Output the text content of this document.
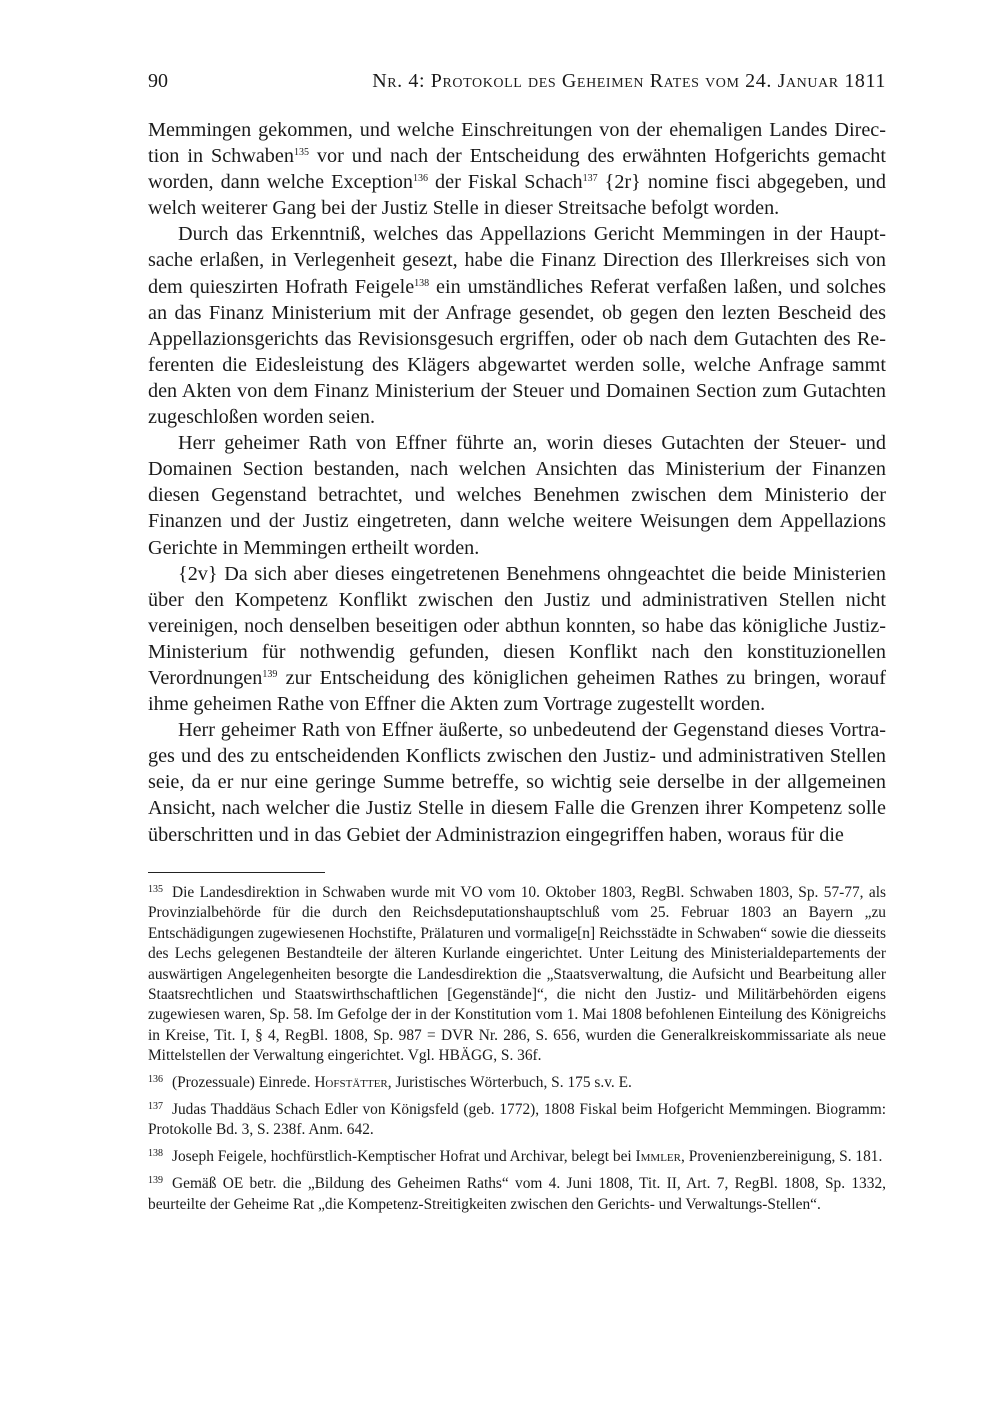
90	Nr. 4: Protokoll des Geheimen Rates vom 24. Januar 1811

Memmingen gekommen, und welche Einschreitungen von der ehemaligen Landes Direction in Schwaben$^{135}$ vor und nach der Entscheidung des erwähnten Hofgerichts gemacht worden, dann welche Exception$^{136}$ der Fiskal Schach$^{137}$ {2r} nomine fisci abgegeben, und welch weiterer Gang bei der Justiz Stelle in dieser Streitsache befolgt worden.

Durch das Erkenntniß, welches das Appellazions Gericht Memmingen in der Hauptsache erlaßen, in Verlegenheit gesezt, habe die Finanz Direction des Illerkreises sich von dem quieszirten Hofrath Feigele$^{138}$ ein umständliches Referat verfaßen laßen, und solches an das Finanz Ministerium mit der Anfrage gesendet, ob gegen den lezten Bescheid des Appellazionsgerichts das Revisionsgesuch ergriffen, oder ob nach dem Gutachten des Referenten die Eidesleistung des Klägers abgewartet werden solle, welche Anfrage sammt den Akten von dem Finanz Ministerium der Steuer und Domainen Section zum Gutachten zugeschloßen worden seien.

Herr geheimer Rath von Effner führte an, worin dieses Gutachten der Steuer- und Domainen Section bestanden, nach welchen Ansichten das Ministerium der Finanzen diesen Gegenstand betrachtet, und welches Benehmen zwischen dem Ministerio der Finanzen und der Justiz eingetreten, dann welche weitere Weisungen dem Appellazions Gerichte in Memmingen ertheilt worden.

{2v} Da sich aber dieses eingetretenen Benehmens ohngeachtet die beide Ministerien über den Kompetenz Konflikt zwischen den Justiz und administrativen Stellen nicht vereinigen, noch denselben beseitigen oder abthun konnten, so habe das königliche Justiz-Ministerium für nothwendig gefunden, diesen Konflikt nach den konstituzionellen Verordnungen$^{139}$ zur Entscheidung des königlichen geheimen Rathes zu bringen, worauf ihme geheimen Rathe von Effner die Akten zum Vortrage zugestellt worden.

Herr geheimer Rath von Effner äußerte, so unbedeutend der Gegenstand dieses Vortrages und des zu entscheidenden Konflicts zwischen den Justiz- und administrativen Stellen seie, da er nur eine geringe Summe betreffe, so wichtig seie derselbe in der allgemeinen Ansicht, nach welcher die Justiz Stelle in diesem Falle die Grenzen ihrer Kompetenz solle überschritten und in das Gebiet der Administrazion eingegriffen haben, woraus für die

$^{135}$ Die Landesdirektion in Schwaben wurde mit VO vom 10. Oktober 1803, RegBl. Schwaben 1803, Sp. 57-77, als Provinzialbehörde für die durch den Reichsdeputationshauptschluß vom 25. Februar 1803 an Bayern „zu Entschädigungen zugewiesenen Hochstifte, Prälaturen und vormalige[n] Reichsstädte in Schwaben“ sowie die diesseits des Lechs gelegenen Bestandteile der älteren Kurlande eingerichtet. Unter Leitung des Ministerialdepartements der auswärtigen Angelegenheiten besorgte die Landesdirektion die „Staatsverwaltung, die Aufsicht und Bearbeitung aller Staatsrechtlichen und Staatswirthschaftlichen [Gegenstände]“, die nicht den Justiz- und Militärbehörden eigens zugewiesen waren, Sp. 58. Im Gefolge der in der Konstitution vom 1. Mai 1808 befohlenen Einteilung des Königreichs in Kreise, Tit. I, § 4, RegBl. 1808, Sp. 987 = DVR Nr. 286, S. 656, wurden die Generalkreiskommissariate als neue Mittelstellen der Verwaltung eingerichtet. Vgl. HBÄGG, S. 36f.

$^{136}$ (Prozessuale) Einrede. Hofstätter, Juristisches Wörterbuch, S. 175 s.v. E.

$^{137}$ Judas Thaddäus Schach Edler von Königsfeld (geb. 1772), 1808 Fiskal beim Hofgericht Memmingen. Biogramm: Protokolle Bd. 3, S. 238f. Anm. 642.

$^{138}$ Joseph Feigele, hochfürstlich-Kemptischer Hofrat und Archivar, belegt bei Immler, Provenienzbereinigung, S. 181.

$^{139}$ Gemäß OE betr. die „Bildung des Geheimen Raths“ vom 4. Juni 1808, Tit. II, Art. 7, RegBl. 1808, Sp. 1332, beurteilte der Geheime Rat „die Kompetenz-Streitigkeiten zwischen den Gerichts- und Verwaltungs-Stellen“.
